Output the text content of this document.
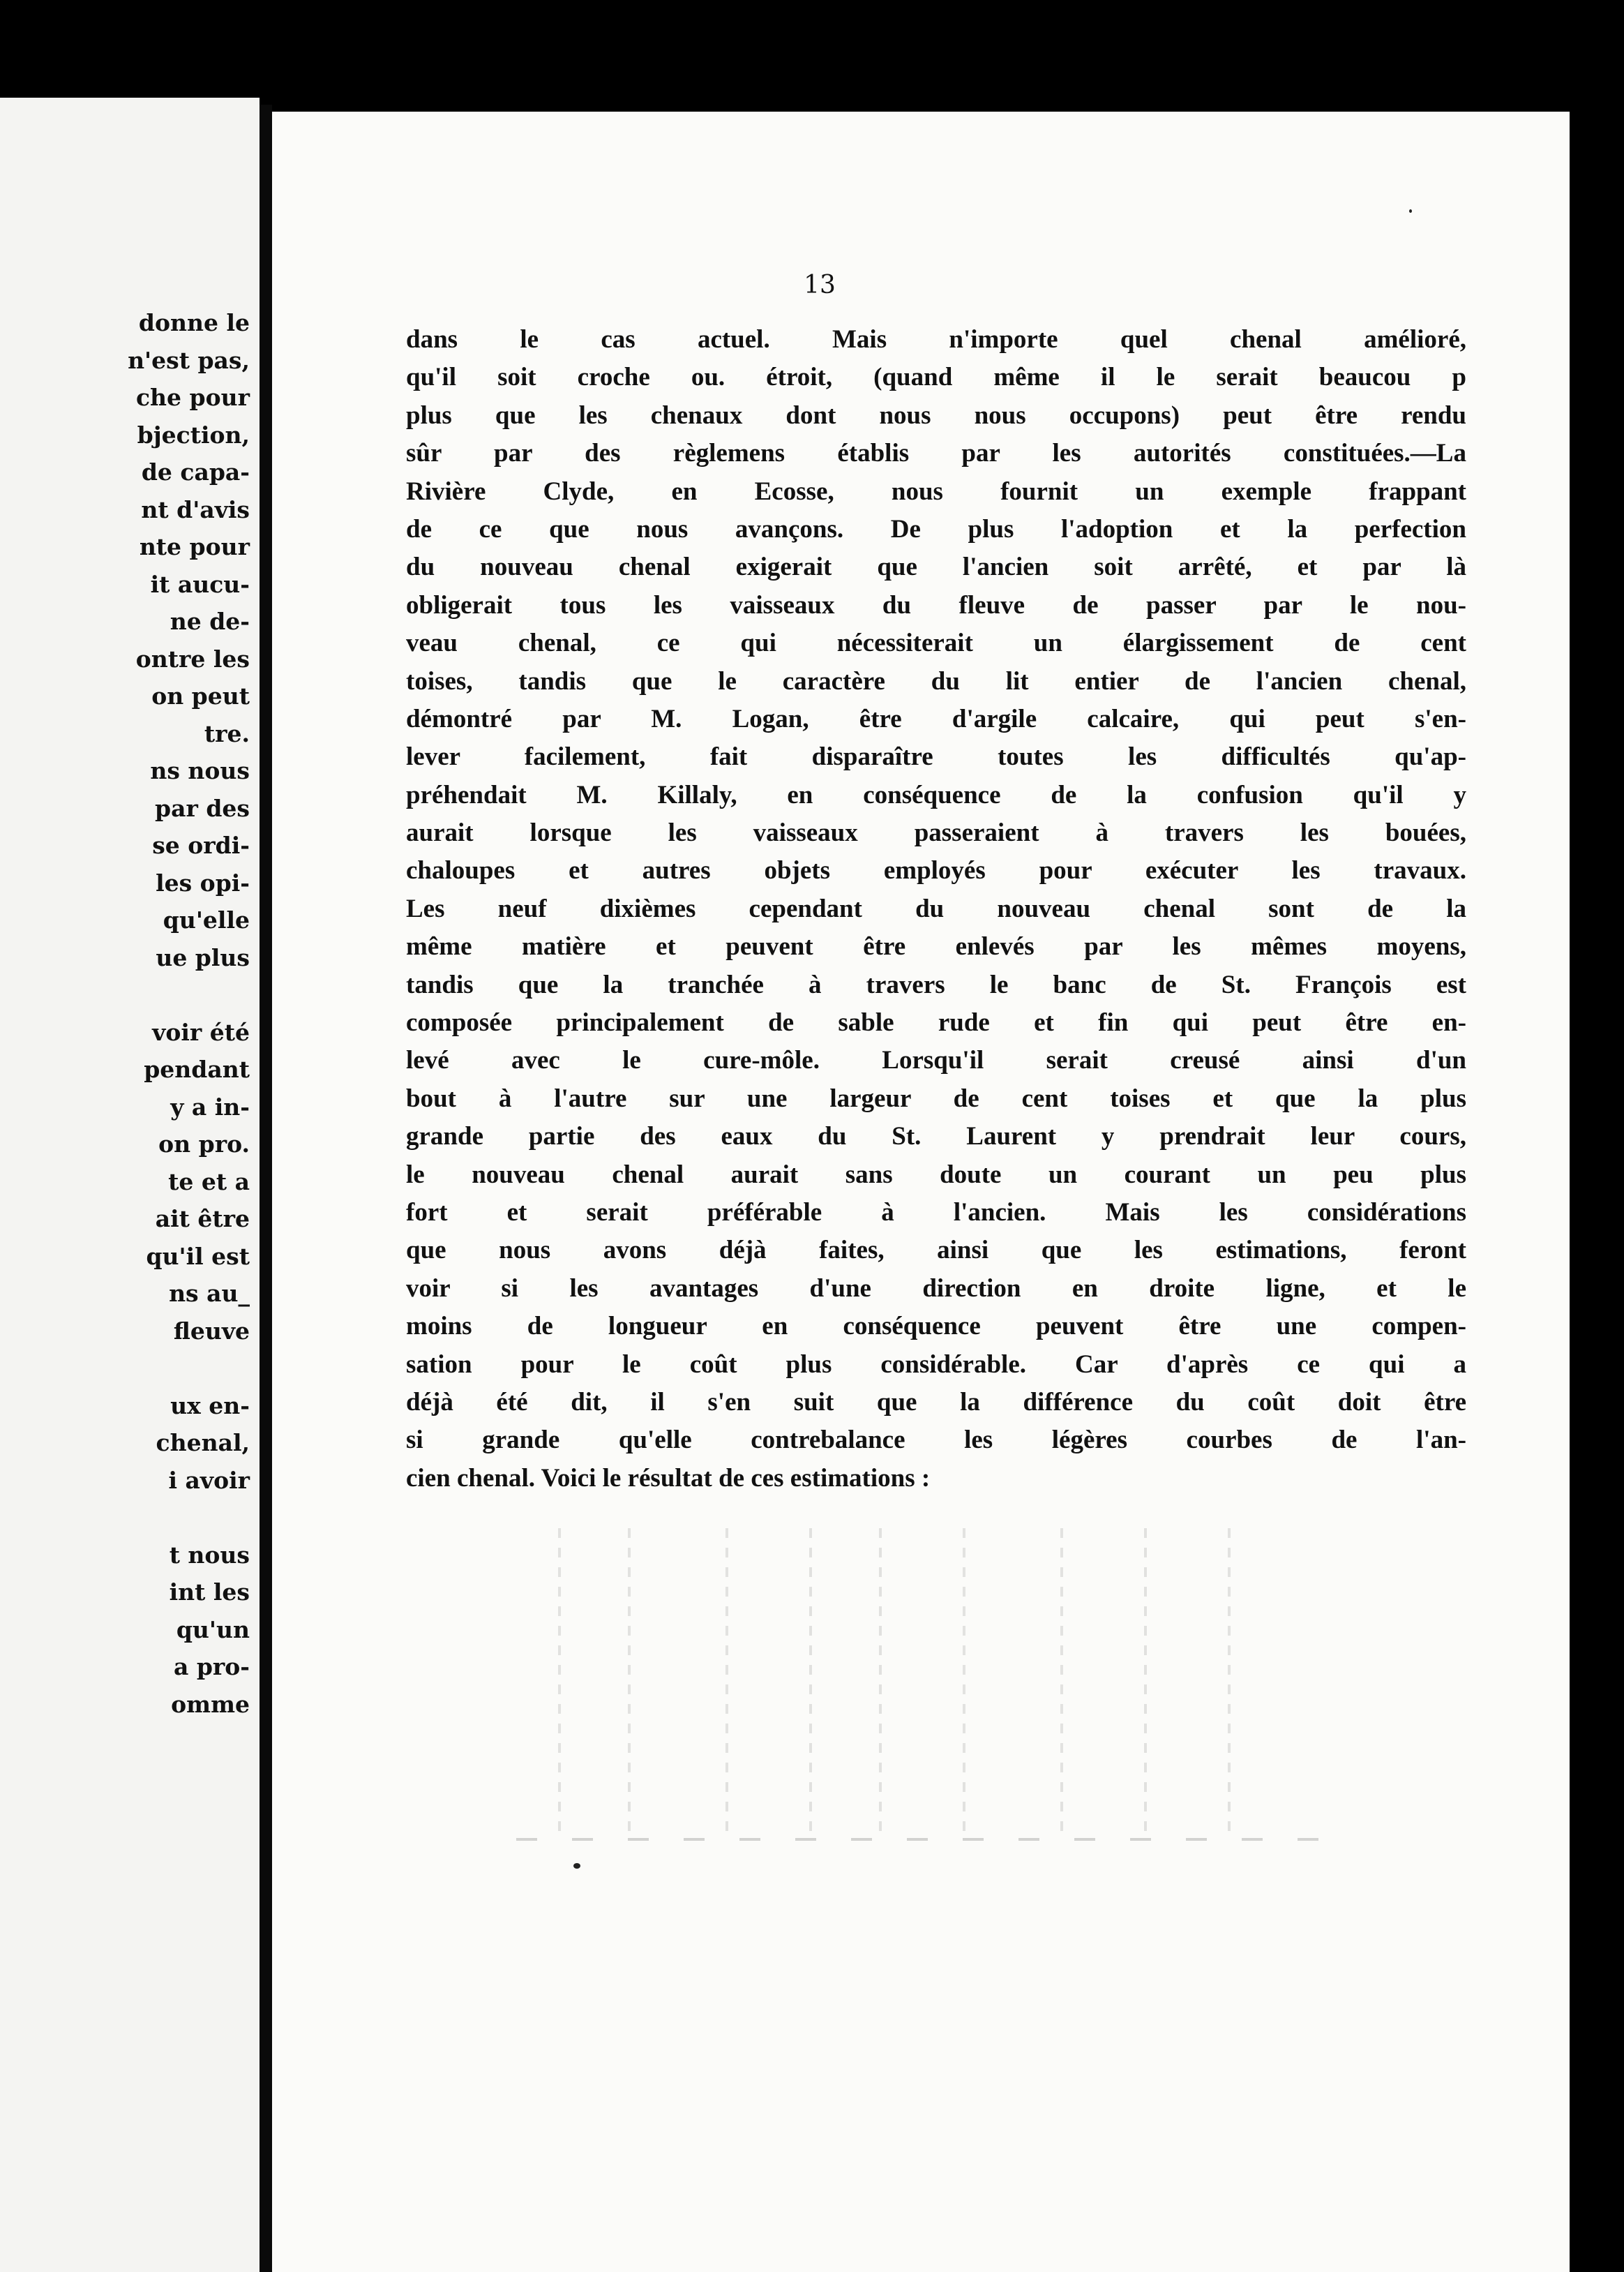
donne le
n'est pas,
che pour
bjection,
de capa-
nt d'avis
nte pour
it aucu-
ne de-
ontre les
on peut
tre.
ns nous
par des
se ordi-
les opi-
qu'elle
ue plus
voir été
pendant
y a in-
on pro.
te et a
ait être
qu'il est
ns au_
fleuve
ux en-
chenal,
i avoir
t nous
int les
qu'un
a pro-
omme
13
dans le cas actuel. Mais n'importe quel chenal amélioré,
qu'il soit croche ou. étroit, (quand même il le serait beaucou p
plus que les chenaux dont nous nous occupons) peut être rendu
sûr par des règlemens établis par les autorités constituées.—La
Rivière Clyde, en Ecosse, nous fournit un exemple frappant
de ce que nous avançons. De plus l'adoption et la perfection
du nouveau chenal exigerait que l'ancien soit arrêté, et par là
obligerait tous les vaisseaux du fleuve de passer par le nou-
veau chenal, ce qui nécessiterait un élargissement de cent
toises, tandis que le caractère du lit entier de l'ancien chenal,
démontré par M. Logan, être d'argile calcaire, qui peut s'en-
lever facilement, fait disparaître toutes les difficultés qu'ap-
préhendait M. Killaly, en conséquence de la confusion qu'il y
aurait lorsque les vaisseaux passeraient à travers les bouées,
chaloupes et autres objets employés pour exécuter les travaux.
Les neuf dixièmes cependant du nouveau chenal sont de la
même matière et peuvent être enlevés par les mêmes moyens,
tandis que la tranchée à travers le banc de St. François est
composée principalement de sable rude et fin qui peut être en-
levé avec le cure-môle. Lorsqu'il serait creusé ainsi d'un
bout à l'autre sur une largeur de cent toises et que la plus
grande partie des eaux du St. Laurent y prendrait leur cours,
le nouveau chenal aurait sans doute un courant un peu plus
fort et serait préférable à l'ancien. Mais les considérations
que nous avons déjà faites, ainsi que les estimations, feront
voir si les avantages d'une direction en droite ligne, et le
moins de longueur en conséquence peuvent être une compen-
sation pour le coût plus considérable. Car d'après ce qui a
déjà été dit, il s'en suit que la différence du coût doit être
si grande qu'elle contrebalance les légères courbes de l'an-
cien chenal. Voici le résultat de ces estimations :
